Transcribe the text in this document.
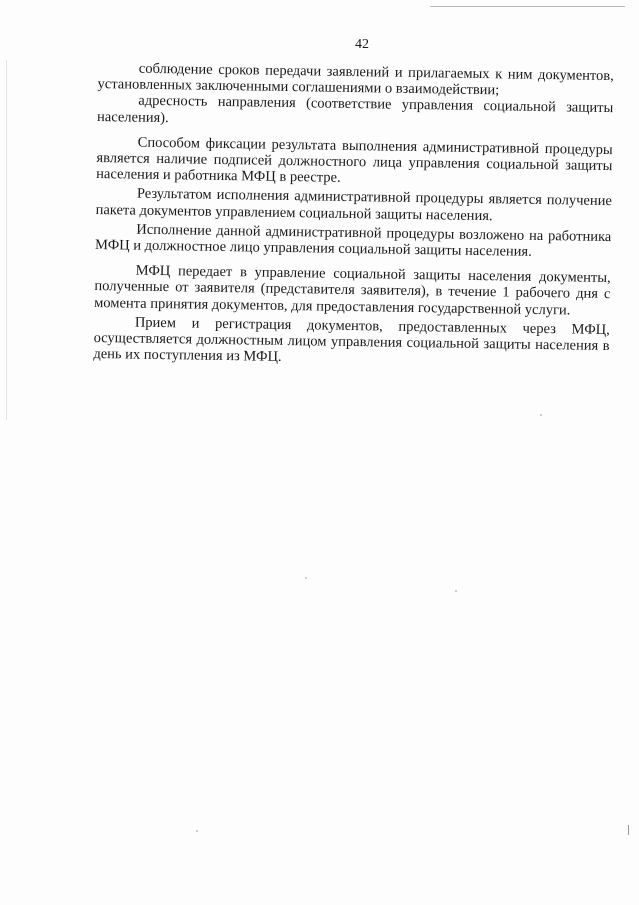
42

соблюдение сроков передачи заявлений и прилагаемых к ним документов, установленных заключенными соглашениями о взаимодействии;

адресность направления (соответствие управления социальной защиты населения).

Способом фиксации результата выполнения административной процедуры является наличие подписей должностного лица управления социальной защиты населения и работника МФЦ в реестре.

Результатом исполнения административной процедуры является получение пакета документов управлением социальной защиты населения.

Исполнение данной административной процедуры возложено на работника МФЦ и должностное лицо управления социальной защиты населения.

МФЦ передает в управление социальной защиты населения документы, полученные от заявителя (представителя заявителя), в течение 1 рабочего дня с момента принятия документов, для предоставления государственной услуги.

Прием и регистрация документов, предоставленных через МФЦ, осуществляется должностным лицом управления социальной защиты населения в день их поступления из МФЦ.
